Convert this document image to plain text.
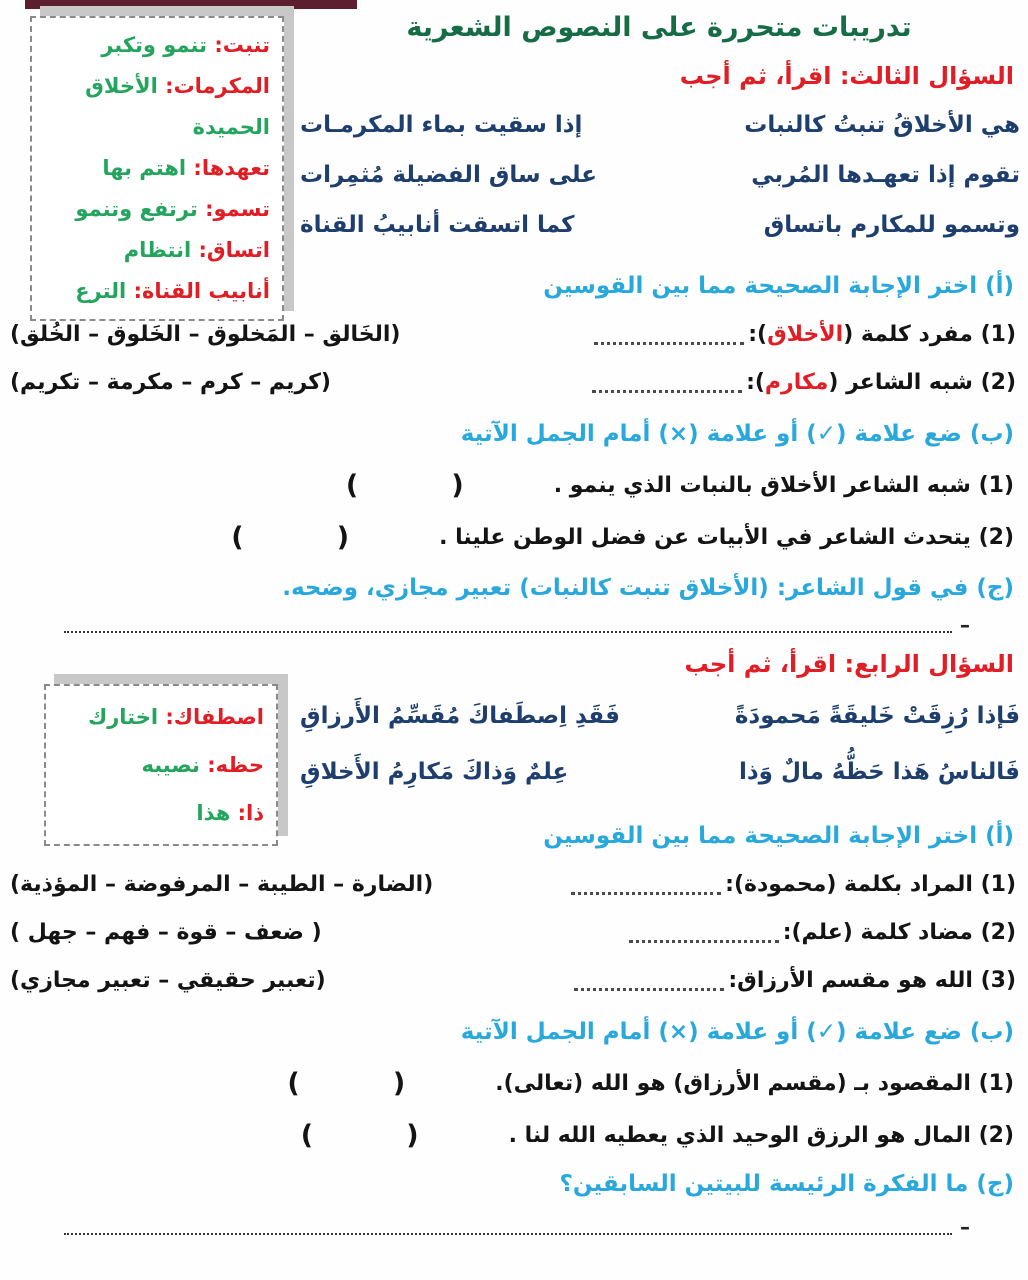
تدريبات متحررة على النصوص الشعرية
تنبت: تنمو وتكبر
المكرمات: الأخلاق الحميدة
تعهدها: اهتم بها
تسمو: ترتفع وتنمو
اتساق: انتظام
أنابيب القناة: الترع
السؤال الثالث: اقرأ، ثم أجب
هي الأخلاقُ تنبتُ كالنبات
إذا سقيت بماء المكرمـات
تقوم إذا تعهـدها المُربي
على ساق الفضيلة مُثمِرات
وتسمو للمكارم باتساق
كما اتسقت أنابيبُ القناة
(أ) اختر الإجابة الصحيحة مما بين القوسين
(1) مفرد كلمة (الأخلاق):
(الخَالق – المَخلوق – الخَلوق – الخُلق)
(2) شبه الشاعر (مكارم):
(كريم – كرم – مكرمة – تكريم)
(ب) ضع علامة (✓) أو علامة (×) أمام الجمل الآتية
(1) شبه الشاعر الأخلاق بالنبات الذي ينمو .
(        )
(2) يتحدث الشاعر في الأبيات عن فضل الوطن علينا .
(        )
(ج) في قول الشاعر: (الأخلاق تنبت كالنبات) تعبير مجازي، وضحه.
–
السؤال الرابع: اقرأ، ثم أجب
اصطفاك: اختارك
حظه: نصيبه
ذا: هذا
فَإذا رُزِقَتْ خَليقَةً مَحمودَةً
فَقَدِ اِصطَفاكَ مُقَسِّمُ الأَرزاقِ
فَالناسُ هَذا حَظُّهُ مالٌ وَذا
عِلمٌ وَذاكَ مَكارِمُ الأَخلاقِ
(أ) اختر الإجابة الصحيحة مما بين القوسين
(1) المراد بكلمة (محمودة):
(الضارة – الطيبة – المرفوضة – المؤذية)
(2) مضاد كلمة (علم):
( ضعف – قوة – فهم – جهل )
(3) الله هو مقسم الأرزاق:
(تعبير حقيقي – تعبير مجازي)
(ب) ضع علامة (✓) أو علامة (×) أمام الجمل الآتية
(1) المقصود بـ (مقسم الأرزاق) هو الله (تعالى).
(        )
(2) المال هو الرزق الوحيد الذي يعطيه الله لنا .
(        )
(ج) ما الفكرة الرئيسة للبيتين السابقين؟
–
